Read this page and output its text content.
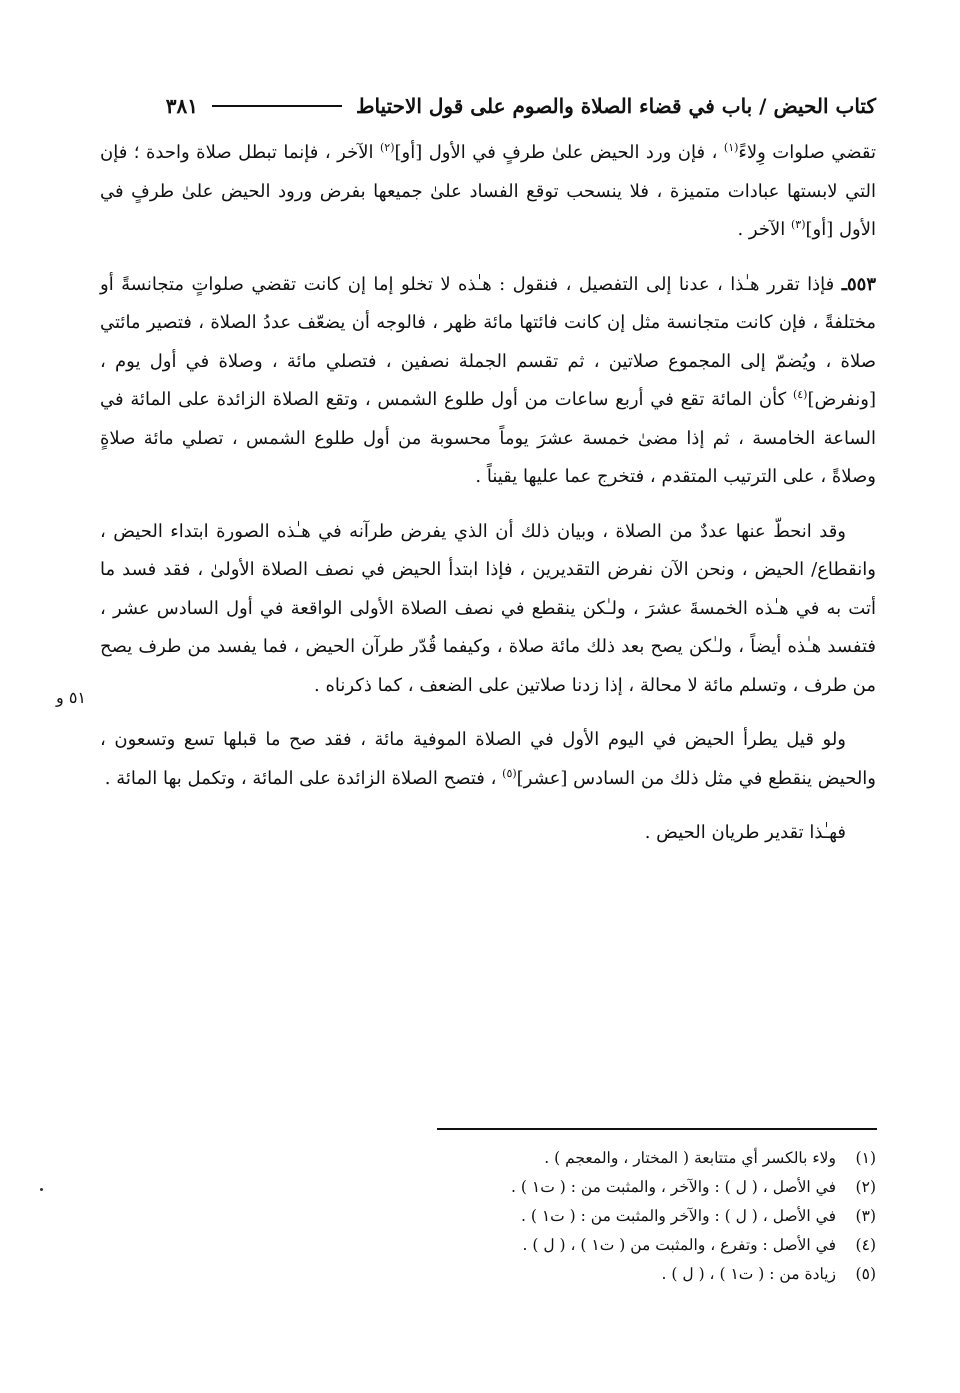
كتاب الحيض / باب في قضاء الصلاة والصوم على قول الاحتياط
٣٨١

تقضي صلوات وِلاءً$^{(١)}$ ، فإن ورد الحيض علىٰ طرفٍ في الأول [أو]$^{(٢)}$ الآخر ، فإنما تبطل صلاة واحدة ؛ فإن التي لابستها عبادات متميزة ، فلا ينسحب توقع الفساد علىٰ جميعها بفرض ورود الحيض علىٰ طرفٍ في الأول [أو]$^{(٣)}$ الآخر .

٥٥٣ـ فإذا تقرر هـٰذا ، عدنا إلى التفصيل ، فنقول : هـٰذه لا تخلو إما إن كانت تقضي صلواتٍ متجانسةً أو مختلفةً ، فإن كانت متجانسة مثل إن كانت فائتها مائة ظهر ، فالوجه أن يضعّف عددُ الصلاة ، فتصير مائتي صلاة ، ويُضمّ إلى المجموع صلاتين ، ثم تقسم الجملة نصفين ، فتصلي مائة ، وصلاة في أول يوم ، [ونفرض]$^{(٤)}$ كأن المائة تقع في أربع ساعات من أول طلوع الشمس ، وتقع الصلاة الزائدة على المائة في الساعة الخامسة ، ثم إذا مضىٰ خمسة عشرَ يوماً محسوبة من أول طلوع الشمس ، تصلي مائة صلاةٍ وصلاةً ، على الترتيب المتقدم ، فتخرج عما عليها يقيناً .

وقد انحطّ عنها عددٌ من الصلاة ، وبيان ذلك أن الذي يفرض طرآنه في هـٰذه الصورة ابتداء الحيض ، وانقطاع/ الحيض ، ونحن الآن نفرض التقديرين ، فإذا ابتدأ الحيض في نصف الصلاة الأولىٰ ، فقد فسد ما أتت به في هـٰذه الخمسةَ عشرَ ، ولـٰكن ينقطع في نصف الصلاة الأولى الواقعة في أول السادس عشر ، فتفسد هـٰذه أيضاً ، ولـٰكن يصح بعد ذلك مائة صلاة ، وكيفما قُدّر طرآن الحيض ، فما يفسد من طرف يصح من طرف ، وتسلم مائة لا محالة ، إذا زدنا صلاتين على الضعف ، كما ذكرناه .

ولو قيل يطرأ الحيض في اليوم الأول في الصلاة الموفية مائة ، فقد صح ما قبلها تسع وتسعون ، والحيض ينقطع في مثل ذلك من السادس [عشر]$^{(٥)}$ ، فتصح الصلاة الزائدة على المائة ، وتكمل بها المائة .

فهـٰذا تقدير طريان الحيض .

٥١ و
(١)
ولاء بالكسر أي متتابعة ( المختار ، والمعجم ) .
(٢)
في الأصل ، ( ل ) : والآخر ، والمثبت من : ( ت١ ) .
(٣)
في الأصل ، ( ل ) : والآخر والمثبت من : ( ت١ ) .
(٤)
في الأصل : وتفرع ، والمثبت من ( ت١ ) ، ( ل ) .
(٥)
زيادة من : ( ت١ ) ، ( ل ) .
